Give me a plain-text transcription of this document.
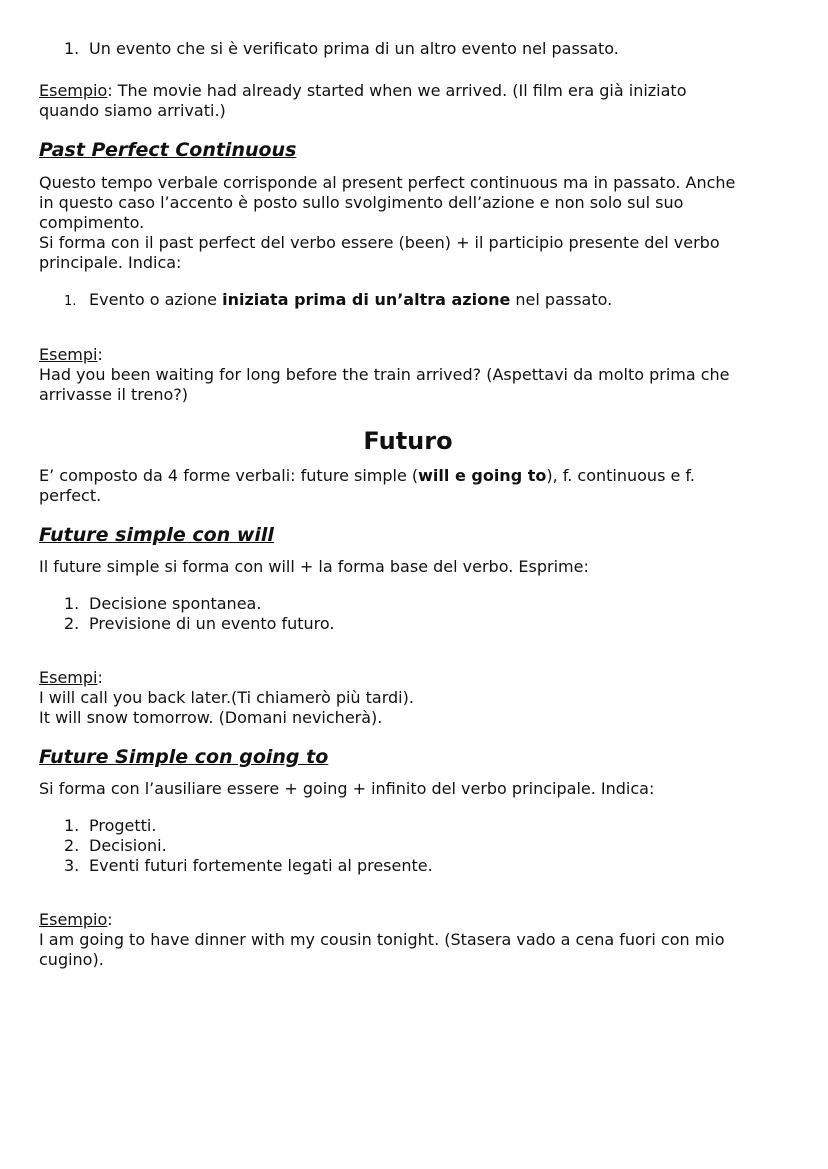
1. Un evento che si è verificato prima di un altro evento nel passato.

Esempio: The movie had already started when we arrived. (Il film era già iniziato
quando siamo arrivati.)

Past Perfect Continuous

Questo tempo verbale corrisponde al present perfect continuous ma in passato. Anche
in questo caso l’accento è posto sullo svolgimento dell’azione e non solo sul suo
compimento.
Si forma con il past perfect del verbo essere (been) + il participio presente del verbo
principale. Indica:

1. Evento o azione iniziata prima di un’altra azione nel passato.

Esempi:
Had you been waiting for long before the train arrived? (Aspettavi da molto prima che
arrivasse il treno?)

Futuro

E’ composto da 4 forme verbali: future simple (will e going to), f. continuous e f.
perfect.

Future simple con will

Il future simple si forma con will + la forma base del verbo. Esprime:

1. Decisione spontanea.

2. Previsione di un evento futuro.

Esempi:
I will call you back later.(Ti chiamerò più tardi).
It will snow tomorrow. (Domani nevicherà).

Future Simple con going to

Si forma con l’ausiliare essere + going + infinito del verbo principale. Indica:

1. Progetti.

2. Decisioni.

3. Eventi futuri fortemente legati al presente.

Esempio:
I am going to have dinner with my cousin tonight. (Stasera vado a cena fuori con mio
cugino).
